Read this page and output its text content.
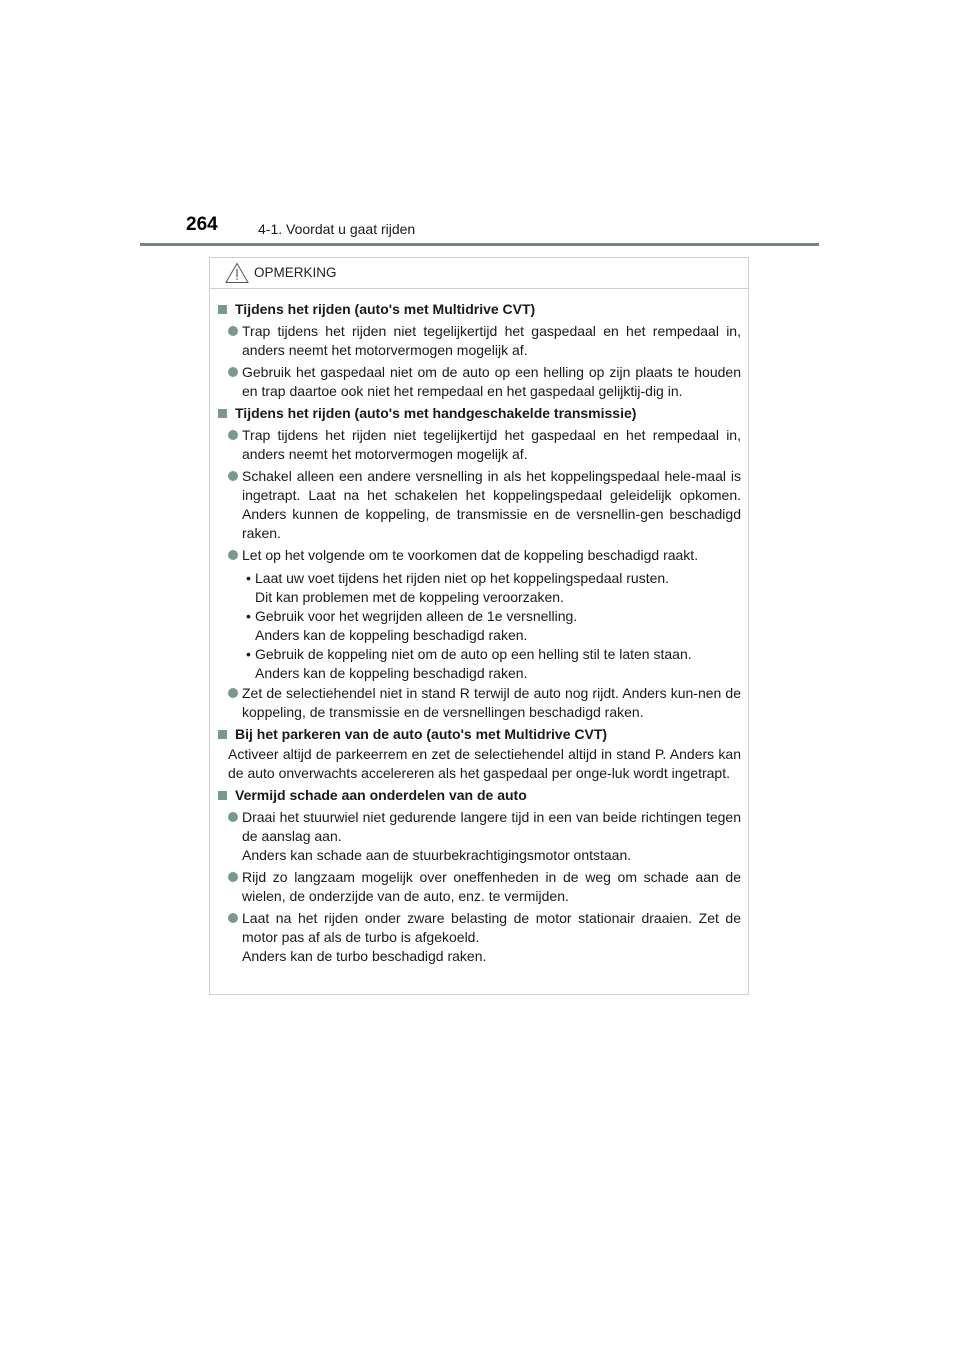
264	4-1. Voordat u gaat rijden
OPMERKING
Tijdens het rijden (auto's met Multidrive CVT)
Trap tijdens het rijden niet tegelijkertijd het gaspedaal en het rempedaal in, anders neemt het motorvermogen mogelijk af.
Gebruik het gaspedaal niet om de auto op een helling op zijn plaats te houden en trap daartoe ook niet het rempedaal en het gaspedaal gelijktij-dig in.
Tijdens het rijden (auto's met handgeschakelde transmissie)
Trap tijdens het rijden niet tegelijkertijd het gaspedaal en het rempedaal in, anders neemt het motorvermogen mogelijk af.
Schakel alleen een andere versnelling in als het koppelingspedaal hele-maal is ingetrapt. Laat na het schakelen het koppelingspedaal geleidelijk opkomen. Anders kunnen de koppeling, de transmissie en de versnellin-gen beschadigd raken.
Let op het volgende om te voorkomen dat de koppeling beschadigd raakt.
• Laat uw voet tijdens het rijden niet op het koppelingspedaal rusten.
Dit kan problemen met de koppeling veroorzaken.
• Gebruik voor het wegrijden alleen de 1e versnelling.
Anders kan de koppeling beschadigd raken.
• Gebruik de koppeling niet om de auto op een helling stil te laten staan.
Anders kan de koppeling beschadigd raken.
Zet de selectiehendel niet in stand R terwijl de auto nog rijdt. Anders kun-nen de koppeling, de transmissie en de versnellingen beschadigd raken.
Bij het parkeren van de auto (auto's met Multidrive CVT)
Activeer altijd de parkeerrem en zet de selectiehendel altijd in stand P. Anders kan de auto onverwachts accelereren als het gaspedaal per onge-luk wordt ingetrapt.
Vermijd schade aan onderdelen van de auto
Draai het stuurwiel niet gedurende langere tijd in een van beide richtingen tegen de aanslag aan.
Anders kan schade aan de stuurbekrachtigingsmotor ontstaan.
Rijd zo langzaam mogelijk over oneffenheden in de weg om schade aan de wielen, de onderzijde van de auto, enz. te vermijden.
Laat na het rijden onder zware belasting de motor stationair draaien. Zet de motor pas af als de turbo is afgekoeld.
Anders kan de turbo beschadigd raken.
